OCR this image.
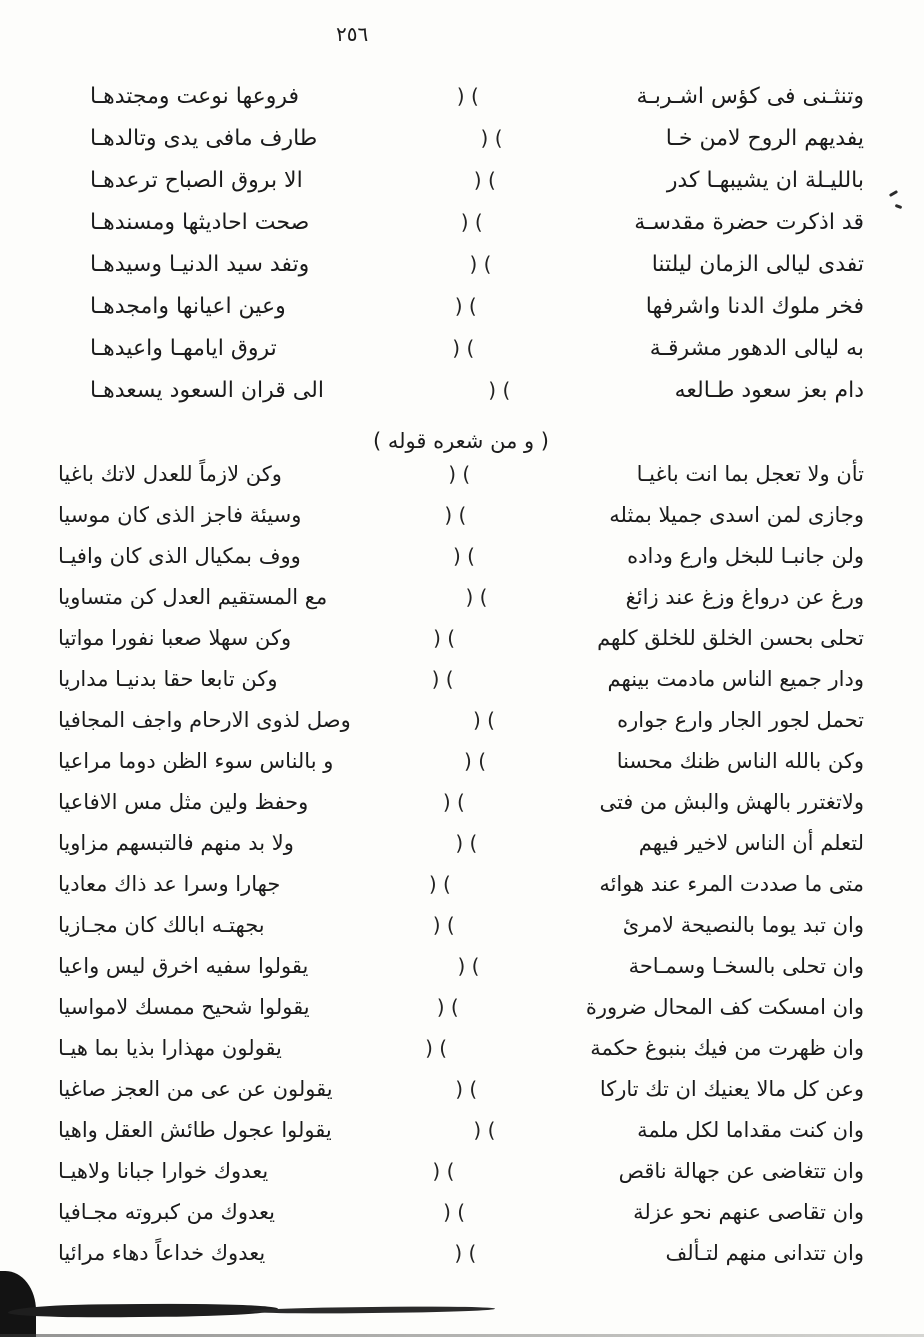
٢٥٦
وتنثـنى فى كؤس اشـربـة
) (
فروعها نوعت ومجتدهـا
يفديهم الروح لامن خـا
) (
طارف مافى يدى وتالدهـا
بالليـلة ان يشيبهـا كدر
) (
الا بروق الصباح ترعدهـا
قد اذكرت حضرة مقدسـة
) (
صحت احاديثها ومسندهـا
تفدى ليالى الزمان ليلتنا
) (
وتفد سيد الدنيـا وسيدهـا
فخر ملوك الدنا واشرفها
) (
وعين اعيانها وامجدهـا
به ليالى الدهور مشرقـة
) (
تروق ايامهـا واعيدهـا
دام بعز سعود طـالعه
) (
الى قران السعود يسعدهـا
( و من شعره قوله )
تأن ولا تعجل بما انت باغيـا
) (
وكن لازماً للعدل لاتك باغيا
وجازى لمن اسدى جميلا بمثله
) (
وسيئة فاجز الذى كان موسيا
ولن جانبـا للبخل وارع وداده
) (
ووف بمكيال الذى كان وافيـا
ورغ عن درواغ وزغ عند زائغ
) (
مع المستقيم العدل كن متساويا
تحلى بحسن الخلق للخلق كلهم
) (
وكن سهلا صعبا نفورا مواتيا
ودار جميع الناس مادمت بينهم
) (
وكن تابعا حقا بدنيـا مداريا
تحمل لجور الجار وارع جواره
) (
وصل لذوى الارحام واجف المجافيا
وكن بالله الناس ظنك محسنا
) (
و بالناس سوء الظن دوما مراعيا
ولاتغترر بالهش والبش من فتى
) (
وحفظ ولين مثل مس الافاعيا
لتعلم أن الناس لاخير فيهم
) (
ولا بد منهم فالتبسهم مزاويا
متى ما صددت المرء عند هوائه
) (
جهارا وسرا عد ذاك معاديا
وان تبد يوما بالنصيحة لامرئ
) (
بجهتـه ابالك كان مجـازيا
وان تحلى بالسخـا وسمـاحة
) (
يقولوا سفيه اخرق ليس واعيا
وان امسكت كف المحال ضرورة
) (
يقولوا شحيح ممسك لامواسيا
وان ظهرت من فيك بنبوغ حكمة
) (
يقولون مهذارا بذيا بما هيـا
وعن كل مالا يعنيك ان تك تاركا
) (
يقولون عن عى من العجز صاغيا
وان كنت مقداما لكل ملمة
) (
يقولوا عجول طائش العقل واهيا
وان تتغاضى عن جهالة ناقص
) (
يعدوك خوارا جبانا ولاهيـا
وان تقاصى عنهم نحو عزلة
) (
يعدوك من كبروته مجـافيا
وان تتدانى منهم لتـألف
) (
يعدوك خداعاً دهاء مرائيا
